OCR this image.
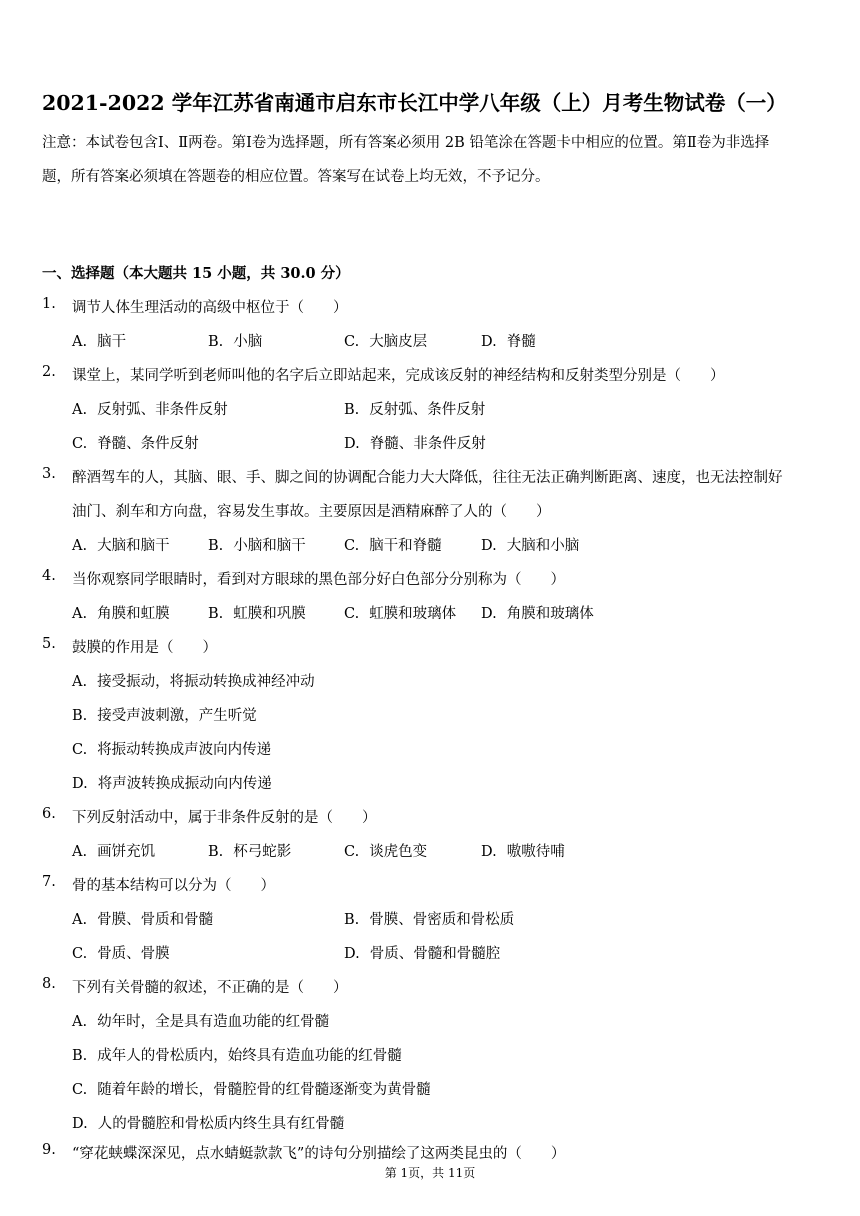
2021-2022 学年江苏省南通市启东市长江中学八年级（上）月考生物试卷（一）
注意：本试卷包含Ⅰ、Ⅱ两卷。第Ⅰ卷为选择题，所有答案必须用 2B 铅笔涂在答题卡中相应的位置。第Ⅱ卷为非选择
题，所有答案必须填在答题卷的相应位置。答案写在试卷上均无效，不予记分。
一、选择题（本大题共 15 小题，共 30.0 分）
1. 调节人体生理活动的高级中枢位于（　　）
A. 脑干	B. 小脑	C. 大脑皮层	D. 脊髓
2. 课堂上，某同学听到老师叫他的名字后立即站起来，完成该反射的神经结构和反射类型分别是（　　）
A. 反射弧、非条件反射	B. 反射弧、条件反射
C. 脊髓、条件反射	D. 脊髓、非条件反射
3. 醉酒驾车的人，其脑、眼、手、脚之间的协调配合能力大大降低，往往无法正确判断距离、速度，也无法控制好
油门、刹车和方向盘，容易发生事故。主要原因是酒精麻醉了人的（　　）
A. 大脑和脑干	B. 小脑和脑干	C. 脑干和脊髓	D. 大脑和小脑
4. 当你观察同学眼睛时，看到对方眼球的黑色部分好白色部分分别称为（　　）
A. 角膜和虹膜	B. 虹膜和巩膜	C. 虹膜和玻璃体 D. 角膜和玻璃体
5. 鼓膜的作用是（　　）
A. 接受振动，将振动转换成神经冲动
B. 接受声波刺激，产生听觉
C. 将振动转换成声波向内传递
D. 将声波转换成振动向内传递
6. 下列反射活动中，属于非条件反射的是（　　）
A. 画饼充饥	B. 杯弓蛇影	C. 谈虎色变	D. 嗷嗷待哺
7. 骨的基本结构可以分为（　　）
A. 骨膜、骨质和骨髓	B. 骨膜、骨密质和骨松质
C. 骨质、骨膜	D. 骨质、骨髓和骨髓腔
8. 下列有关骨髓的叙述，不正确的是（　　）
A. 幼年时，全是具有造血功能的红骨髓
B. 成年人的骨松质内，始终具有造血功能的红骨髓
C. 随着年龄的增长，骨髓腔骨的红骨髓逐渐变为黄骨髓
D. 人的骨髓腔和骨松质内终生具有红骨髓
9. “穿花蛱蝶深深见，点水蜻蜓款款飞”的诗句分别描绘了这两类昆虫的（　　）
第 1页，共 11页
